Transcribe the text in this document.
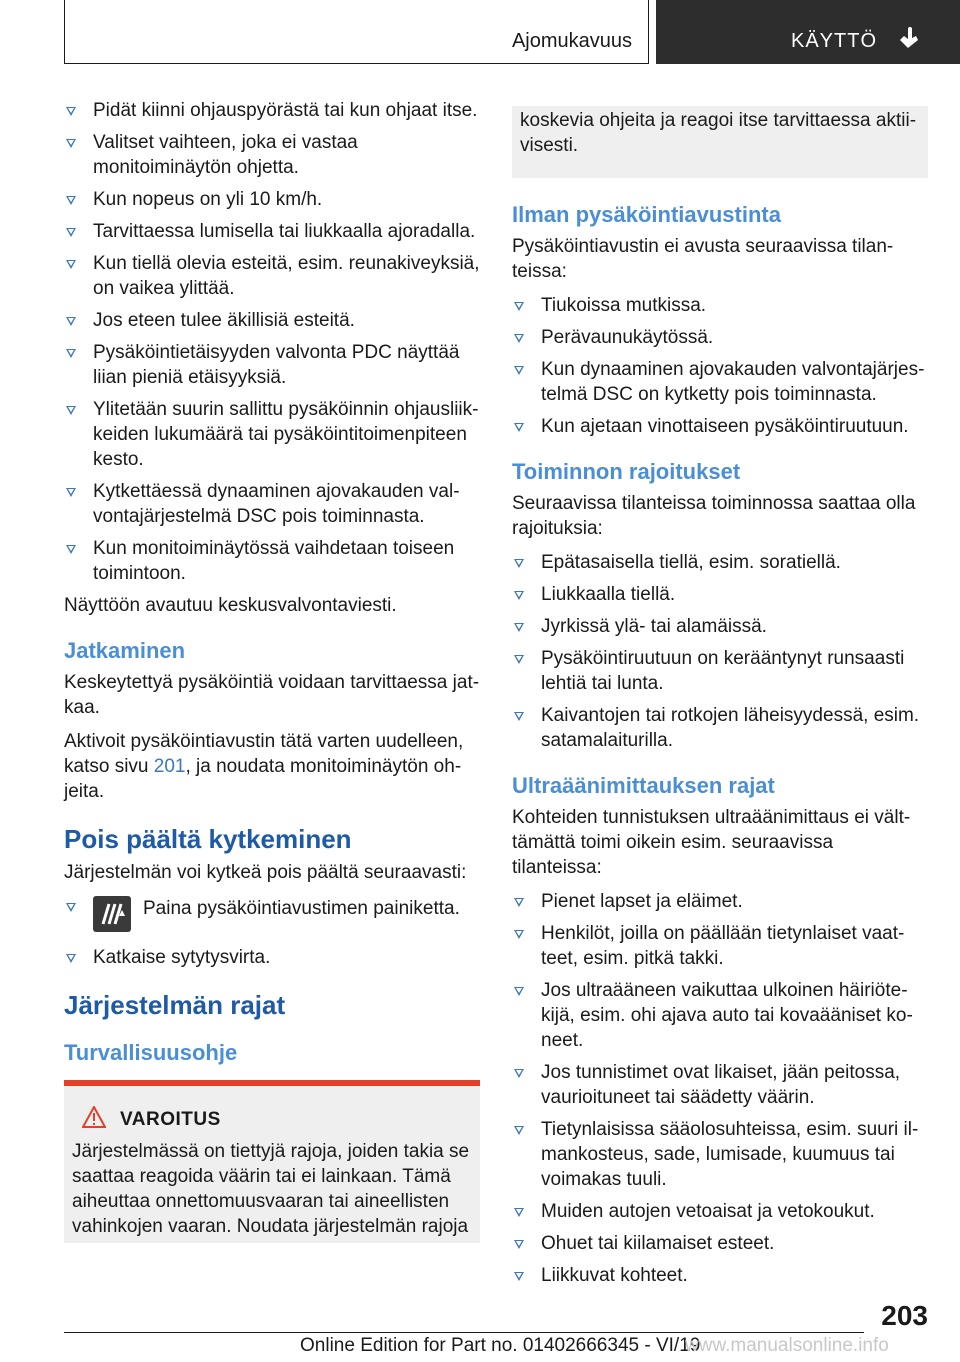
Ajomukavuus	KÄYTTÖ
Pidät kiinni ohjauspyörästä tai kun ohjaat itse.
Valitset vaihteen, joka ei vastaa monitoiminäytön ohjetta.
Kun nopeus on yli 10 km/h.
Tarvittaessa lumisella tai liukkaalla ajoradalla.
Kun tiellä olevia esteitä, esim. reunakiveyksiä, on vaikea ylittää.
Jos eteen tulee äkillisiä esteitä.
Pysäköintietäisyyden valvonta PDC näyttää liian pieniä etäisyyksiä.
Ylitetään suurin sallittu pysäköinnin ohjausliikkeiden lukumäärä tai pysäköintitoimenpiteen kesto.
Kytkettäessä dynaaminen ajovakauden valvontajärjestelmä DSC pois toiminnasta.
Kun monitoiminäytössä vaihdetaan toiseen toimintoon.

Näyttöön avautuu keskusvalvontaviesti.

Jatkaminen

Keskeytettyä pysäköintiä voidaan tarvittaessa jatkaa.

Aktivoit pysäköintiavustin tätä varten uudelleen, katso sivu 201, ja noudata monitoiminäytön ohjeita.

Pois päältä kytkeminen

Järjestelmän voi kytkeä pois päältä seuraavasti:

Paina pysäköintiavustimen painiketta.
Katkaise sytytysvirta.
Järjestelmän rajat
Turvallisuusohje
VAROITUS

Järjestelmässä on tiettyjä rajoja, joiden takia se saattaa reagoida väärin tai ei lainkaan. Tämä aiheuttaa onnettomuusvaaran tai aineellisten vahinkojen vaaran. Noudata järjestelmän rajoja

koskevia ohjeita ja reagoi itse tarvittaessa aktiivisesti.

Ilman pysäköintiavustinta

Pysäköintiavustin ei avusta seuraavissa tilanteissa:

Tiukoissa mutkissa.
Perävaunukäytössä.
Kun dynaaminen ajovakauden valvontajärjestelmä DSC on kytketty pois toiminnasta.
Kun ajetaan vinottaiseen pysäköintiruutuun.
Toiminnon rajoitukset

Seuraavissa tilanteissa toiminnossa saattaa olla rajoituksia:

Epätasaisella tiellä, esim. soratiellä.
Liukkaalla tiellä.
Jyrkissä ylä- tai alamäissä.
Pysäköintiruutuun on kerääntynyt runsaasti lehtiä tai lunta.
Kaivantojen tai rotkojen läheisyydessä, esim. satamalaiturilla.
Ultraäänimittauksen rajat

Kohteiden tunnistuksen ultraäänimittaus ei välttämättä toimi oikein esim. seuraavissa tilanteissa:

Pienet lapset ja eläimet.
Henkilöt, joilla on päällään tietynlaiset vaatteet, esim. pitkä takki.
Jos ultraääneen vaikuttaa ulkoinen häiriötekijä, esim. ohi ajava auto tai kovaääniset koneet.
Jos tunnistimet ovat likaiset, jään peitossa, vaurioituneet tai säädetty väärin.
Tietynlaisissa sääolosuhteissa, esim. suuri ilmankosteus, sade, lumisade, kuumuus tai voimakas tuuli.
Muiden autojen vetoaisat ja vetokoukut.
Ohuet tai kiilamaiset esteet.
Liikkuvat kohteet.
203
Online Edition for Part no. 01402666345 - VI/19
www.manualsonline.info
